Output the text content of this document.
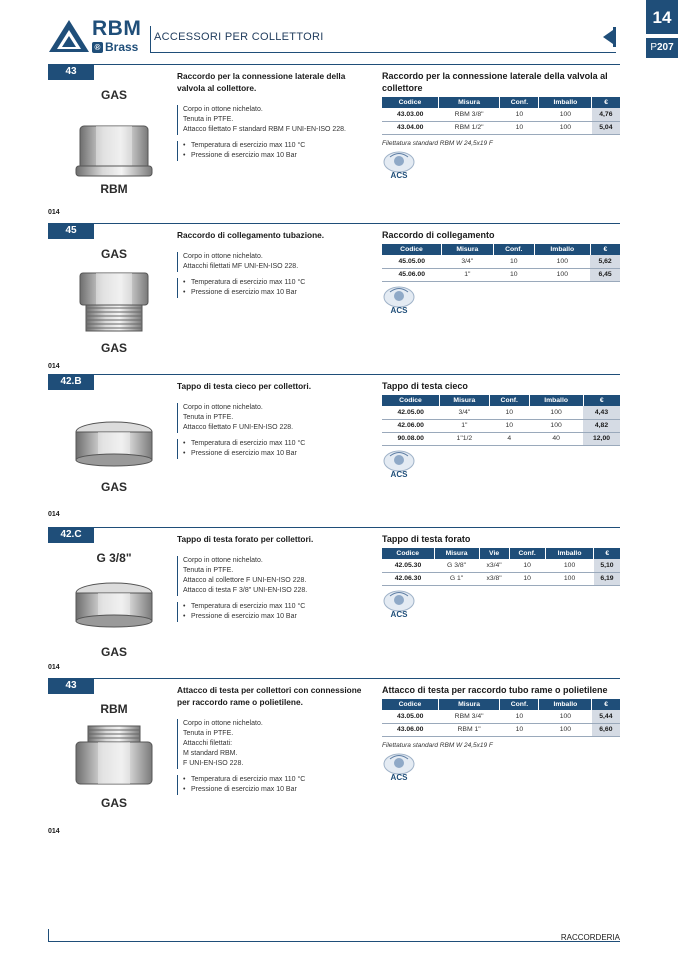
RBM
® Brass
ACCESSORI PER COLLETTORI
14
P207
43
GAS
RBM
Raccordo per la connessione laterale della valvola al collettore.
Corpo in ottone nichelato.
Tenuta in PTFE.
Attacco filettato F standard RBM F UNI-EN-ISO 228.
• Temperatura di esercizio max 110 °C
• Pressione di esercizio max 10 Bar
Raccordo per la connessione laterale della valvola al collettore
Codice	Misura	Conf.	Imballo	€
43.03.00	RBM 3/8"	10	100	4,76
43.04.00	RBM 1/2"	10	100	5,04
Filettatura standard RBM W 24,5x19 F
ACS
014
45
GAS
GAS
Raccordo di collegamento tubazione.
Corpo in ottone nichelato.
Attacchi filettati MF UNI-EN-ISO 228.
• Temperatura di esercizio max 110 °C
• Pressione di esercizio max 10 Bar
Raccordo di collegamento
Codice	Misura	Conf.	Imballo	€
45.05.00	3/4"	10	100	5,62
45.06.00	1"	10	100	6,45
ACS
014
42.B
GAS
Tappo di testa cieco per collettori.
Corpo in ottone nichelato.
Tenuta in PTFE.
Attacco filettato F UNI-EN-ISO 228.
• Temperatura di esercizio max 110 °C
• Pressione di esercizio max 10 Bar
Tappo di testa cieco
Codice	Misura	Conf.	Imballo	€
42.05.00	3/4"	10	100	4,43
42.06.00	1"	10	100	4,82
90.08.00	1"1/2	4	40	12,00
ACS
014
42.C
G 3/8"
GAS
Tappo di testa forato per collettori.
Corpo in ottone nichelato.
Tenuta in PTFE.
Attacco al collettore F UNI-EN-ISO 228.
Attacco di testa F 3/8" UNI-EN-ISO 228.
• Temperatura di esercizio max 110 °C
• Pressione di esercizio max 10 Bar
Tappo di testa forato
Codice	Misura	Vie	Conf.	Imballo	€
42.05.30	G 3/8"	x3/4"	10	100	5,10
42.06.30	G 1"	x3/8"	10	100	6,19
ACS
014
43
RBM
GAS
Attacco di testa per collettori con connessione per raccordo rame o polietilene.
Corpo in ottone nichelato.
Tenuta in PTFE.
Attacchi filettati:
M standard RBM.
F UNI-EN-ISO 228.
• Temperatura di esercizio max 110 °C
• Pressione di esercizio max 10 Bar
Attacco di testa per raccordo tubo rame o polietilene
Codice	Misura	Conf.	Imballo	€
43.05.00	RBM 3/4"	10	100	5,44
43.06.00	RBM 1"	10	100	6,60
Filettatura standard RBM W 24,5x19 F
ACS
014
RACCORDERIA
